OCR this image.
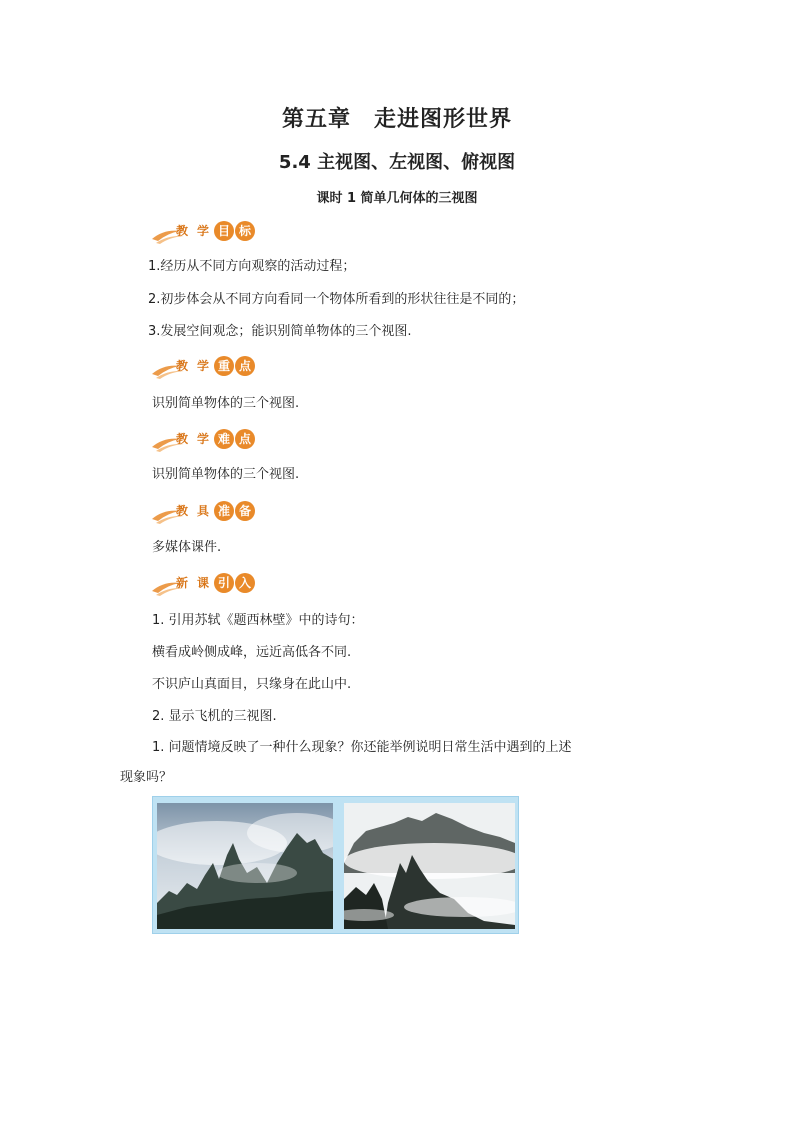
第五章　走进图形世界
5.4 主视图、左视图、俯视图
课时 1 简单几何体的三视图
教 学 目 标
1.经历从不同方向观察的活动过程；
2.初步体会从不同方向看同一个物体所看到的形状往往是不同的；
3.发展空间观念；能识别简单物体的三个视图.
教 学 重 点
识别简单物体的三个视图.
教 学 难 点
识别简单物体的三个视图.
教 具 准 备
多媒体课件.
新 课 引 入
1. 引用苏轼《题西林壁》中的诗句：
横看成岭侧成峰，远近高低各不同.
不识庐山真面目，只缘身在此山中.
2. 显示飞机的三视图.
1. 问题情境反映了一种什么现象？你还能举例说明日常生活中遇到的上述
现象吗？
